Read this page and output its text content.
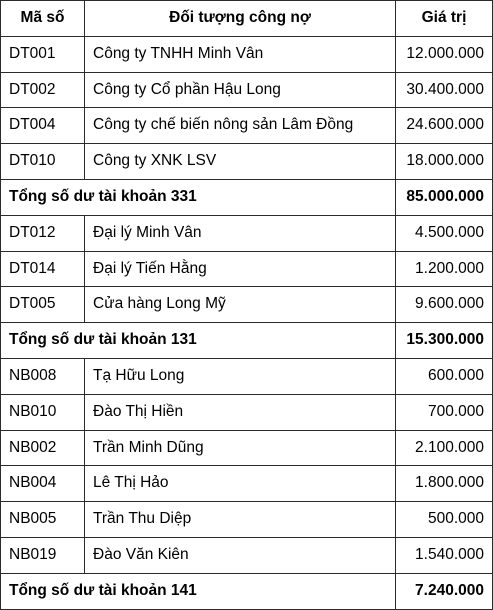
Mã số	Đối tượng công nợ	Giá trị
DT001	Công ty TNHH Minh Vân	12.000.000
DT002	Công ty Cổ phần Hậu Long	30.400.000
DT004	Công ty chế biến nông sản Lâm Đồng	24.600.000
DT010	Công ty XNK LSV	18.000.000
Tổng số dư tài khoản 331		85.000.000
DT012	Đại lý Minh Vân	4.500.000
DT014	Đại lý Tiến Hằng	1.200.000
DT005	Cửa hàng Long Mỹ	9.600.000
Tổng số dư tài khoản 131		15.300.000
NB008	Tạ Hữu Long	600.000
NB010	Đào Thị Hiền	700.000
NB002	Trần Minh Dũng	2.100.000
NB004	Lê Thị Hảo	1.800.000
NB005	Trần Thu Diệp	500.000
NB019	Đào Văn Kiên	1.540.000
Tổng số dư tài khoản 141		7.240.000
